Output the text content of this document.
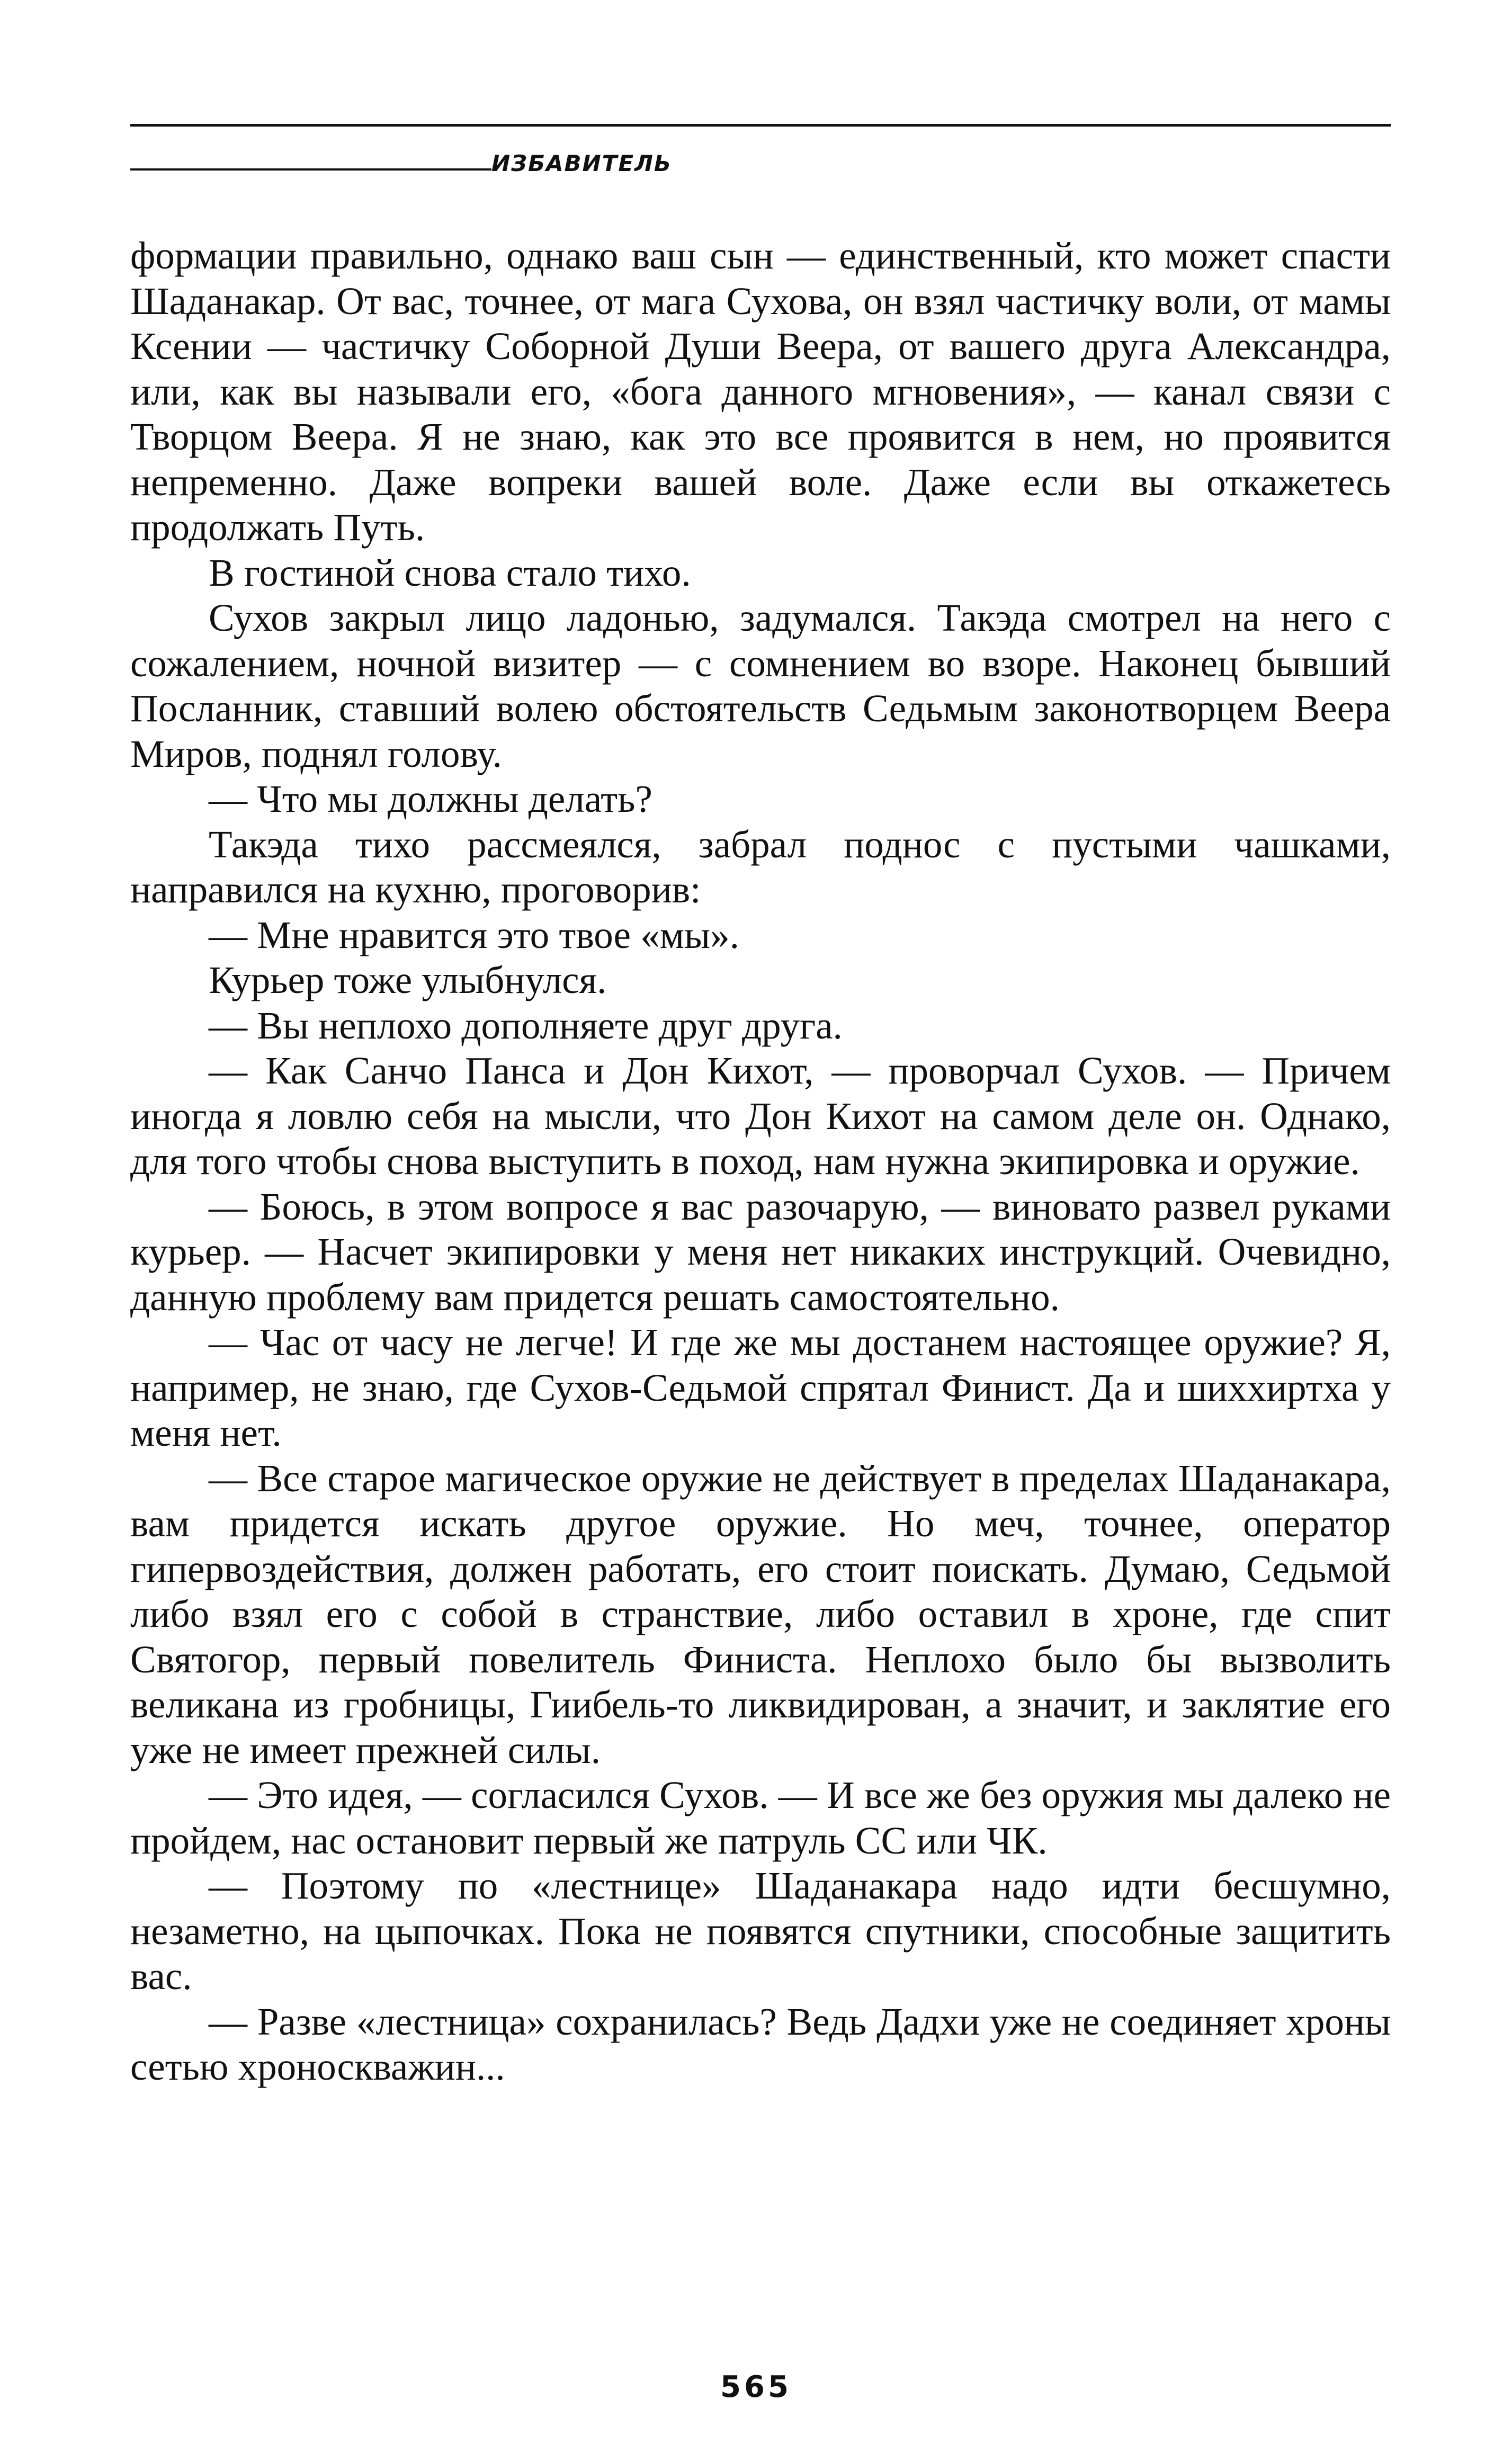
ИЗБАВИТЕЛЬ

формации правильно, однако ваш сын — единственный, кто может спасти Шаданакар. От вас, точнее, от мага Сухова, он взял частичку воли, от мамы Ксении — частичку Соборной Души Веера, от вашего друга Александра, или, как вы называли его, «бога данного мгновения», — канал связи с Творцом Веера. Я не знаю, как это все проявится в нем, но проявится непременно. Даже вопреки вашей воле. Даже если вы откажетесь продолжать Путь.

В гостиной снова стало тихо.

Сухов закрыл лицо ладонью, задумался. Такэда смотрел на него с сожалением, ночной визитер — с сомнением во взоре. Наконец бывший Посланник, ставший волею обстоятельств Седьмым законотворцем Веера Миров, поднял голову.

— Что мы должны делать?

Такэда тихо рассмеялся, забрал поднос с пустыми чашками, направился на кухню, проговорив:

— Мне нравится это твое «мы».

Курьер тоже улыбнулся.

— Вы неплохо дополняете друг друга.

— Как Санчо Панса и Дон Кихот, — проворчал Сухов. — Причем иногда я ловлю себя на мысли, что Дон Кихот на самом деле он. Однако, для того чтобы снова выступить в поход, нам нужна экипировка и оружие.

— Боюсь, в этом вопросе я вас разочарую, — виновато развел руками курьер. — Насчет экипировки у меня нет никаких инструкций. Очевидно, данную проблему вам придется решать самостоятельно.

— Час от часу не легче! И где же мы достанем настоящее оружие? Я, например, не знаю, где Сухов-Седьмой спрятал Финист. Да и шиххиртха у меня нет.

— Все старое магическое оружие не действует в пределах Шаданакара, вам придется искать другое оружие. Но меч, точнее, оператор гипервоздействия, должен работать, его стоит поискать. Думаю, Седьмой либо взял его с собой в странствие, либо оставил в хроне, где спит Святогор, первый повелитель Финиста. Неплохо было бы вызволить великана из гробницы, Гиибель-то ликвидирован, а значит, и заклятие его уже не имеет прежней силы.

— Это идея, — согласился Сухов. — И все же без оружия мы далеко не пройдем, нас остановит первый же патруль СС или ЧК.

— Поэтому по «лестнице» Шаданакара надо идти бесшумно, незаметно, на цыпочках. Пока не появятся спутники, способные защитить вас.

— Разве «лестница» сохранилась? Ведь Дадхи уже не соединяет хроны сетью хроноскважин...

565
